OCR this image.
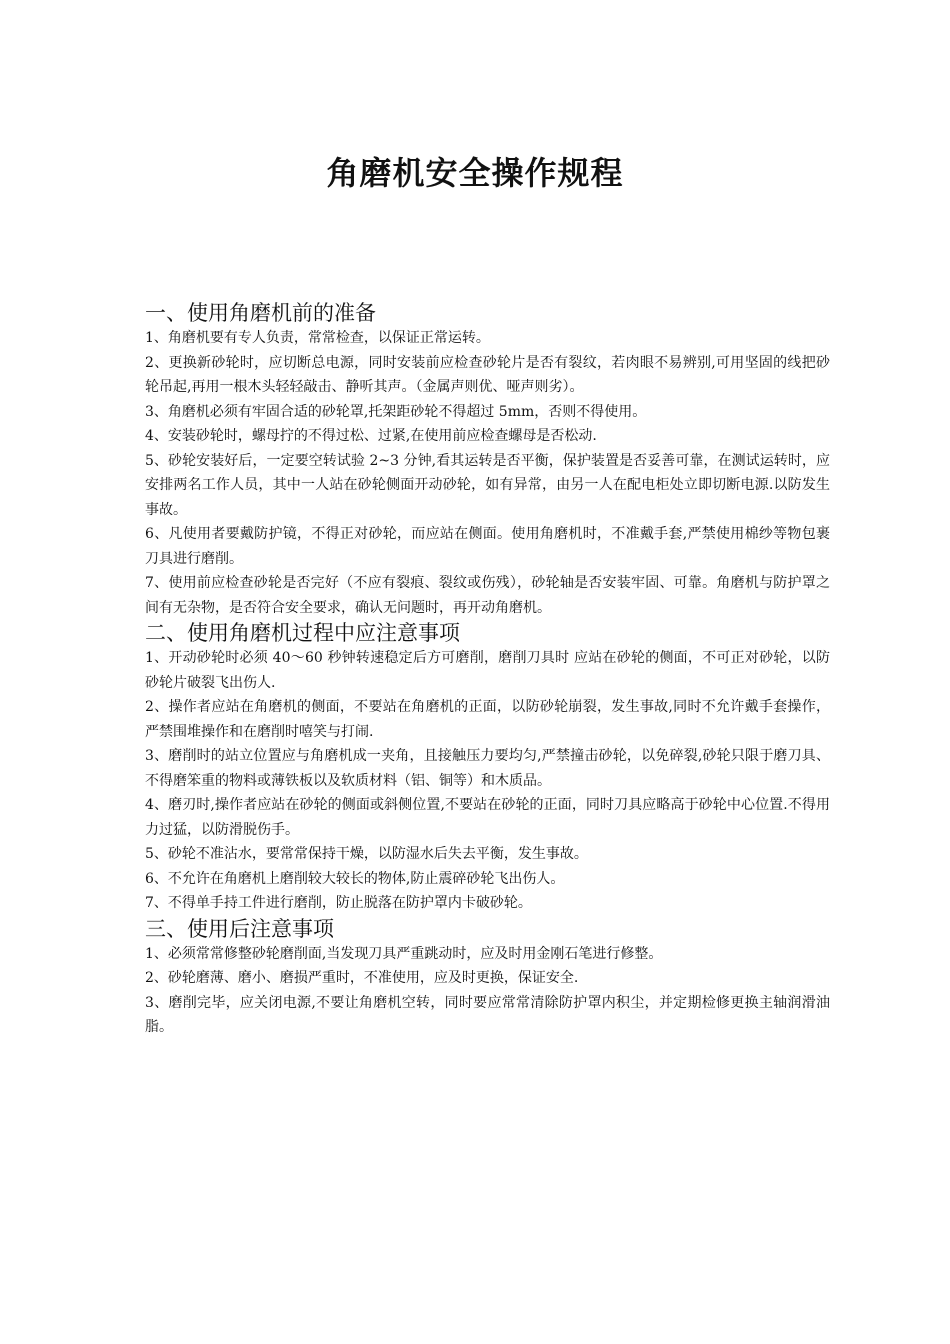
角磨机安全操作规程
一、使用角磨机前的准备
1、角磨机要有专人负责，常常检查，以保证正常运转。
2、更换新砂轮时，应切断总电源，同时安装前应检查砂轮片是否有裂纹，若肉眼不易辨别,可用坚固的线把砂轮吊起,再用一根木头轻轻敲击、静听其声。（金属声则优、哑声则劣）。
3、角磨机必须有牢固合适的砂轮罩,托架距砂轮不得超过 5mm，否则不得使用。
4、安装砂轮时，螺母拧的不得过松、过紧,在使用前应检查螺母是否松动.
5、砂轮安装好后，一定要空转试验 2~3 分钟,看其运转是否平衡，保护装置是否妥善可靠，在测试运转时，应安排两名工作人员，其中一人站在砂轮侧面开动砂轮，如有异常，由另一人在配电柜处立即切断电源.以防发生事故。
6、凡使用者要戴防护镜，不得正对砂轮，而应站在侧面。使用角磨机时，不准戴手套,严禁使用棉纱等物包裹刀具进行磨削。
7、使用前应检查砂轮是否完好（不应有裂痕、裂纹或伤残），砂轮轴是否安装牢固、可靠。角磨机与防护罩之间有无杂物，是否符合安全要求，确认无问题时，再开动角磨机。
二、使用角磨机过程中应注意事项
1、开动砂轮时必须 40～60 秒钟转速稳定后方可磨削，磨削刀具时 应站在砂轮的侧面，不可正对砂轮，以防砂轮片破裂飞出伤人.
2、操作者应站在角磨机的侧面，不要站在角磨机的正面，以防砂轮崩裂，发生事故,同时不允许戴手套操作，严禁围堆操作和在磨削时嘻笑与打闹.
3、磨削时的站立位置应与角磨机成一夹角，且接触压力要均匀,严禁撞击砂轮，以免碎裂,砂轮只限于磨刀具、不得磨笨重的物料或薄铁板以及软质材料（铝、铜等）和木质品。
4、磨刃时,操作者应站在砂轮的侧面或斜侧位置,不要站在砂轮的正面，同时刀具应略高于砂轮中心位置.不得用力过猛，以防滑脱伤手。
5、砂轮不准沾水，要常常保持干燥，以防湿水后失去平衡，发生事故。
6、不允许在角磨机上磨削较大较长的物体,防止震碎砂轮飞出伤人。
7、不得单手持工件进行磨削，防止脱落在防护罩内卡破砂轮。
三、使用后注意事项
1、必须常常修整砂轮磨削面,当发现刀具严重跳动时，应及时用金刚石笔进行修整。
2、砂轮磨薄、磨小、磨损严重时，不准使用，应及时更换，保证安全.
3、磨削完毕，应关闭电源,不要让角磨机空转，同时要应常常清除防护罩内积尘，并定期检修更换主轴润滑油脂。
